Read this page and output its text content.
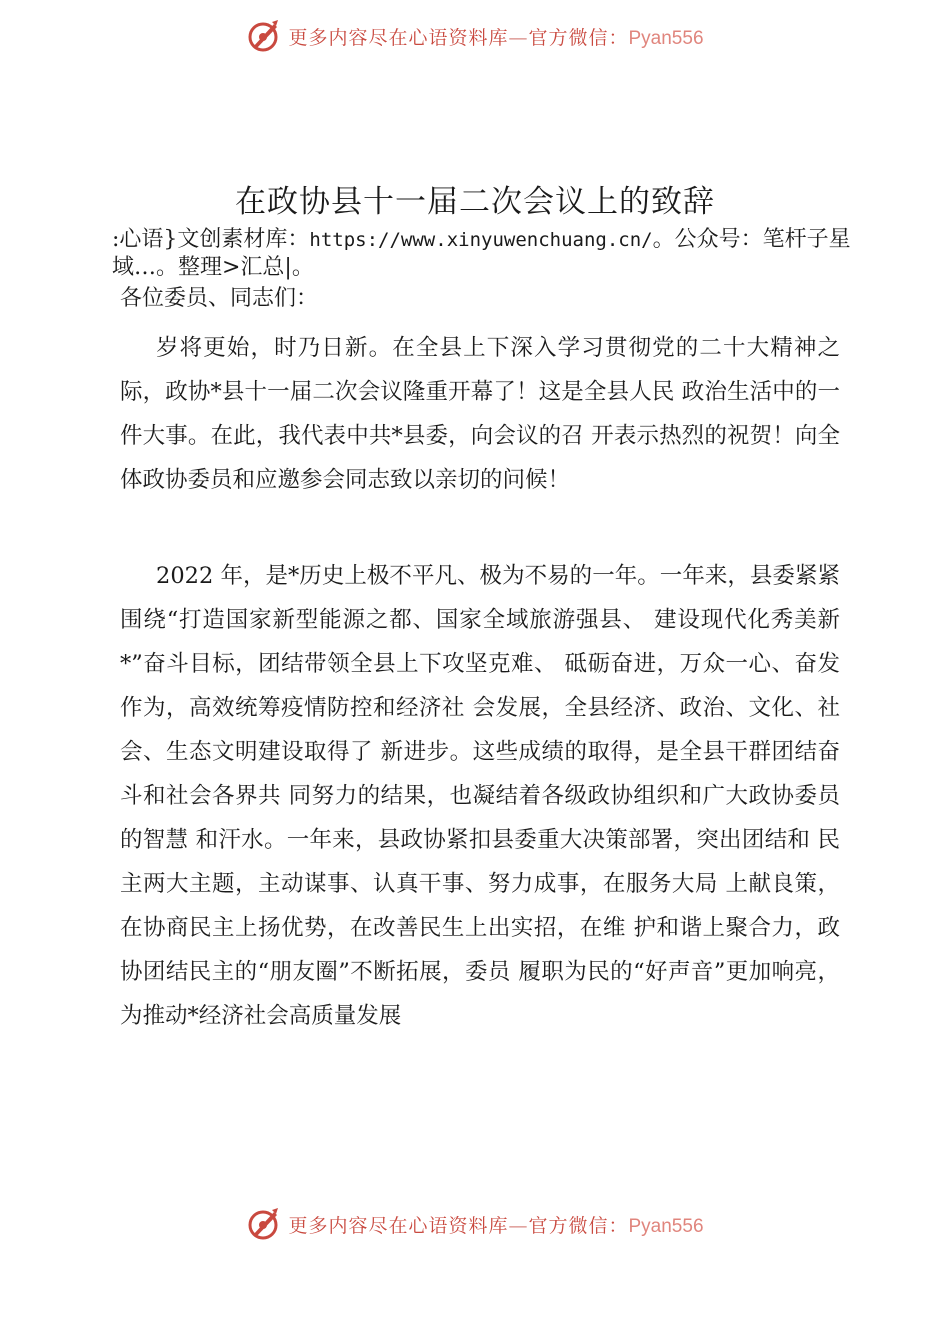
更多内容尽在心语资料库—官方微信：Pyan556
在政协县十一届二次会议上的致辞
:心语}文创素材库：https://www.xinyuwenchuang.cn/。公众号：笔杆子星域…。整理>汇总|。
各位委员、同志们：

岁将更始，时乃日新。在全县上下深入学习贯彻党的二十大精神之际，政协*县十一届二次会议隆重开幕了！这是全县人民 政治生活中的一件大事。在此，我代表中共*县委，向会议的召 开表示热烈的祝贺！向全体政协委员和应邀参会同志致以亲切的问候！

2022 年，是*历史上极不平凡、极为不易的一年。一年来，县委紧紧围绕“打造国家新型能源之都、国家全域旅游强县、 建设现代化秀美新*”奋斗目标，团结带领全县上下攻坚克难、 砥砺奋进，万众一心、奋发作为，高效统筹疫情防控和经济社 会发展，全县经济、政治、文化、社会、生态文明建设取得了 新进步。这些成绩的取得，是全县干群团结奋斗和社会各界共 同努力的结果，也凝结着各级政协组织和广大政协委员的智慧 和汗水。一年来，县政协紧扣县委重大决策部署，突出团结和 民主两大主题，主动谋事、认真干事、努力成事，在服务大局 上献良策，在协商民主上扬优势，在改善民生上出实招，在维 护和谐上聚合力，政协团结民主的“朋友圈”不断拓展，委员 履职为民的“好声音”更加响亮，为推动*经济社会高质量发展

更多内容尽在心语资料库—官方微信：Pyan556
